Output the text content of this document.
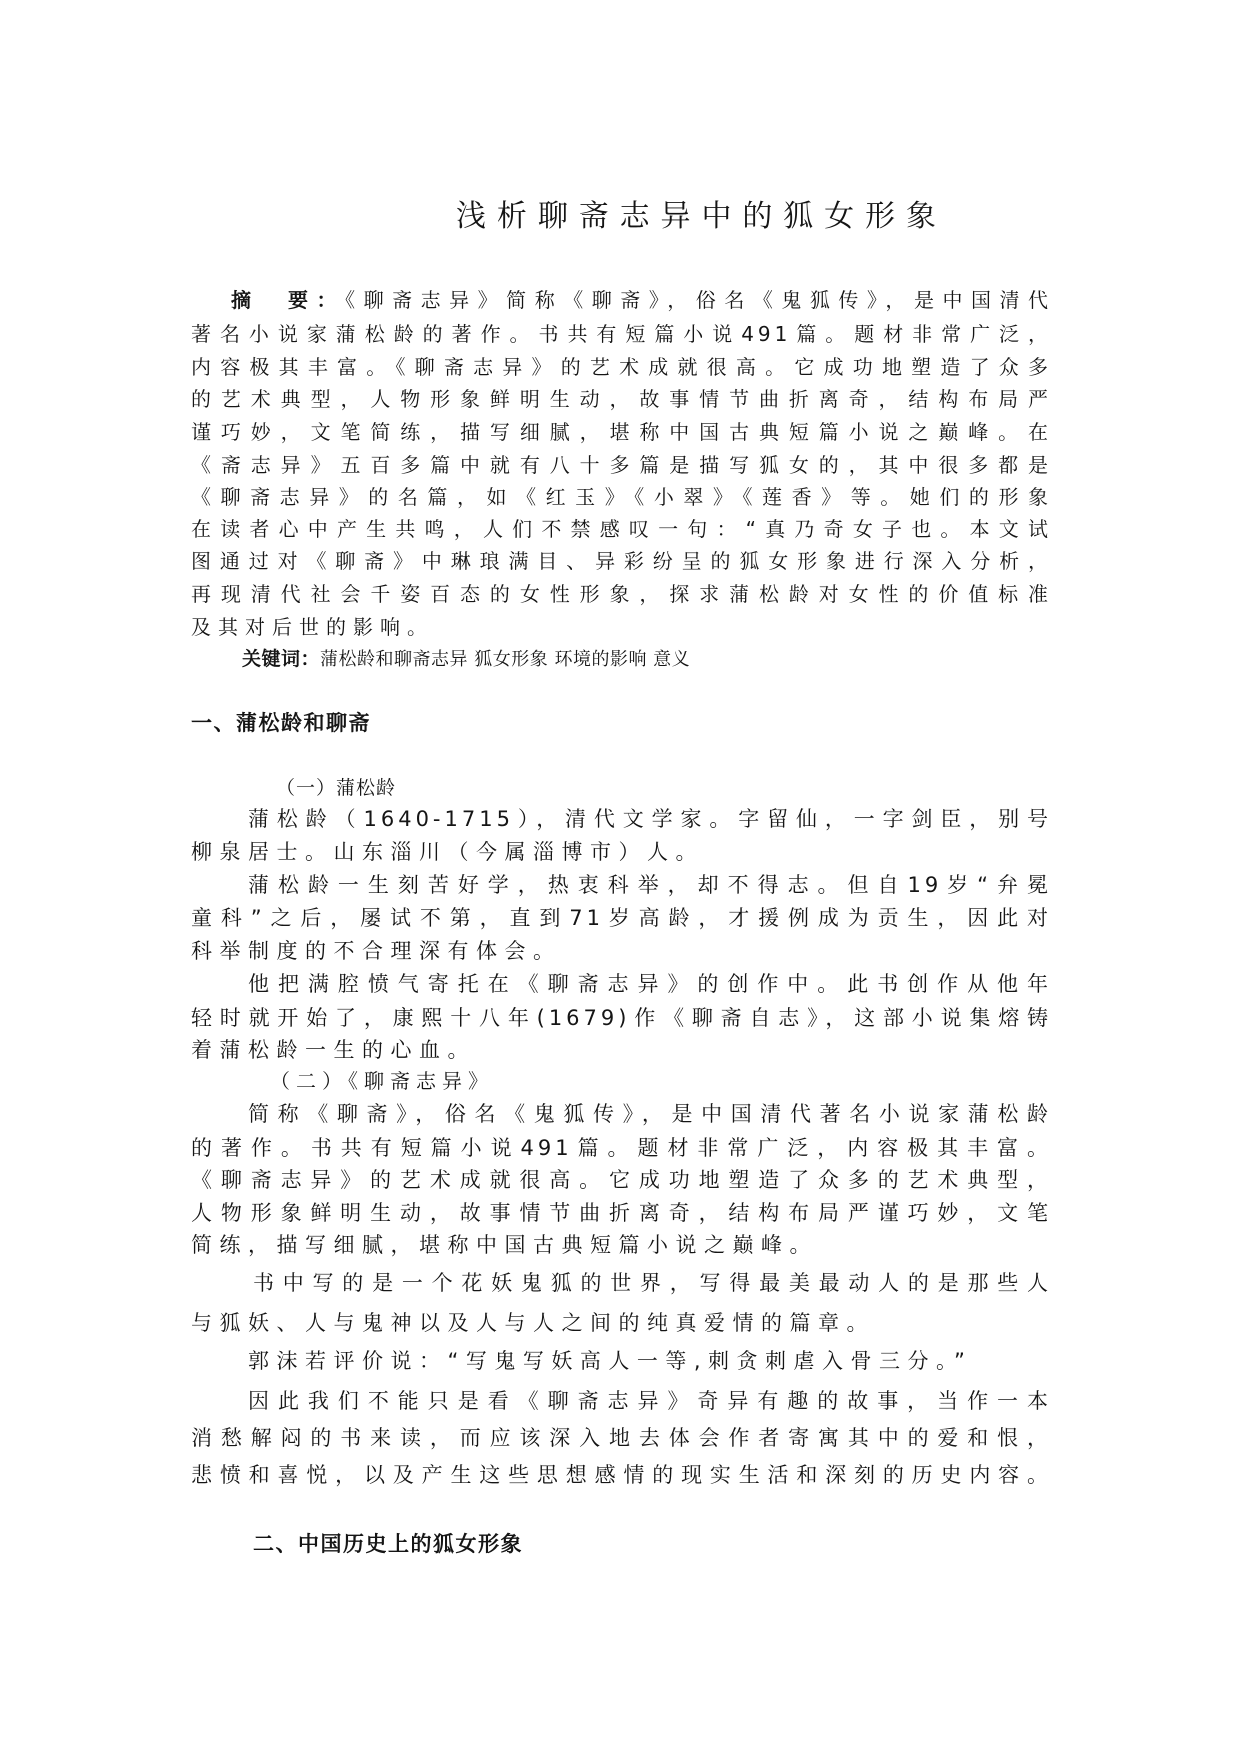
浅析聊斋志异中的狐女形象
摘　要：《聊斋志异》简称《聊斋》，俗名《鬼狐传》，是中国清代
著名小说家蒲松龄的著作。书共有短篇小说491篇。题材非常广泛，
内容极其丰富。《聊斋志异》的艺术成就很高。它成功地塑造了众多
的艺术典型，人物形象鲜明生动，故事情节曲折离奇，结构布局严
谨巧妙，文笔简练，描写细腻，堪称中国古典短篇小说之巅峰。在
《斋志异》五百多篇中就有八十多篇是描写狐女的，其中很多都是
《聊斋志异》的名篇，如《红玉》《小翠》《莲香》等。她们的形象
在读者心中产生共鸣，人们不禁感叹一句：“真乃奇女子也。本文试
图通过对《聊斋》中琳琅满目、异彩纷呈的狐女形象进行深入分析，
再现清代社会千姿百态的女性形象，探求蒲松龄对女性的价值标准
及其对后世的影响。
关键词：蒲松龄和聊斋志异 狐女形象 环境的影响 意义
一、蒲松龄和聊斋
（一）蒲松龄
蒲松龄（1640-1715），清代文学家。字留仙，一字剑臣，别号
柳泉居士。山东淄川（今属淄博市）人。
蒲松龄一生刻苦好学，热衷科举，却不得志。但自19岁“弁冕
童科”之后，屡试不第，直到71岁高龄，才援例成为贡生，因此对
科举制度的不合理深有体会。
他把满腔愤气寄托在《聊斋志异》的创作中。此书创作从他年
轻时就开始了，康熙十八年(1679)作《聊斋自志》，这部小说集熔铸
着蒲松龄一生的心血。
（二）《聊斋志异》
简称《聊斋》，俗名《鬼狐传》，是中国清代著名小说家蒲松龄
的著作。书共有短篇小说491篇。题材非常广泛，内容极其丰富。
《聊斋志异》的艺术成就很高。它成功地塑造了众多的艺术典型，
人物形象鲜明生动，故事情节曲折离奇，结构布局严谨巧妙，文笔
简练，描写细腻，堪称中国古典短篇小说之巅峰。
书中写的是一个花妖鬼狐的世界，写得最美最动人的是那些人
与狐妖、人与鬼神以及人与人之间的纯真爱情的篇章。
郭沫若评价说：“写鬼写妖高人一等,刺贪刺虐入骨三分。”
因此我们不能只是看《聊斋志异》奇异有趣的故事，当作一本
消愁解闷的书来读，而应该深入地去体会作者寄寓其中的爱和恨，
悲愤和喜悦，以及产生这些思想感情的现实生活和深刻的历史内容。
二、中国历史上的狐女形象
